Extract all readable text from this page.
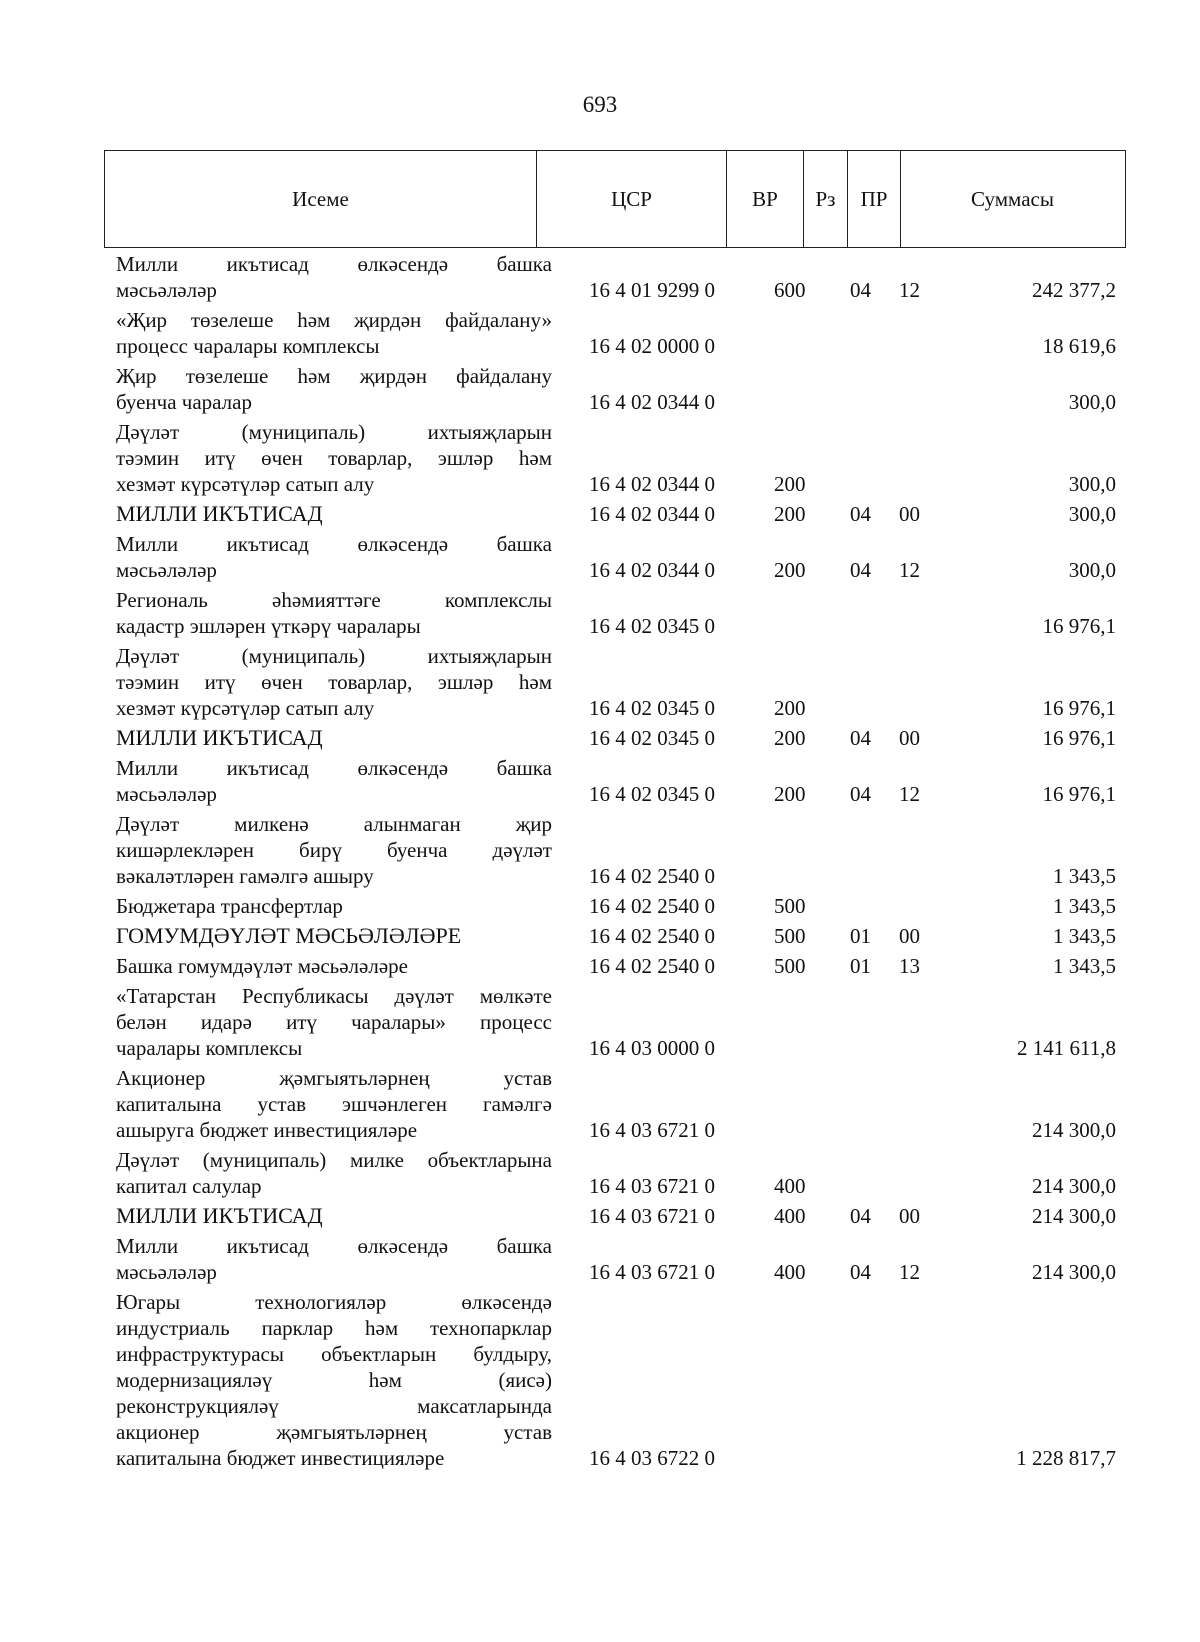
693
Исеме	ЦСР	ВР	Рз	ПР	Суммасы
Милли икътисад өлкәсендә башка
мәсьәләләр	16 4 01 9299 0	600	04	12	242 377,2
«Җир төзелеше һәм җирдән файдалану»
процесс чаралары комплексы	16 4 02 0000 0	18 619,6
Җир төзелеше һәм җирдән файдалану
буенча чаралар	16 4 02 0344 0	300,0
Дәүләт (муниципаль) ихтыяҗларын
тәэмин итү өчен товарлар, эшләр һәм
хезмәт күрсәтүләр сатып алу	16 4 02 0344 0	200	300,0
МИЛЛИ ИКЪТИСАД	16 4 02 0344 0	200	04	00	300,0
Милли икътисад өлкәсендә башка
мәсьәләләр	16 4 02 0344 0	200	04	12	300,0
Региональ әһәмияттәге комплекслы
кадастр эшләрен үткәрү чаралары	16 4 02 0345 0	16 976,1
Дәүләт (муниципаль) ихтыяҗларын
тәэмин итү өчен товарлар, эшләр һәм
хезмәт күрсәтүләр сатып алу	16 4 02 0345 0	200	16 976,1
МИЛЛИ ИКЪТИСАД	16 4 02 0345 0	200	04	00	16 976,1
Милли икътисад өлкәсендә башка
мәсьәләләр	16 4 02 0345 0	200	04	12	16 976,1
Дәүләт милкенә алынмаган җир
кишәрлекләрен бирү буенча дәүләт
вәкаләтләрен гамәлгә ашыру	16 4 02 2540 0	1 343,5
Бюджетара трансфертлар	16 4 02 2540 0	500	1 343,5
ГОМУМДӘҮЛӘТ МӘСЬӘЛӘЛӘРЕ	16 4 02 2540 0	500	01	00	1 343,5
Башка гомумдәүләт мәсьәләләре	16 4 02 2540 0	500	01	13	1 343,5
«Татарстан Республикасы дәүләт мөлкәте
белән идарә итү чаралары» процесс
чаралары комплексы	16 4 03 0000 0	2 141 611,8
Акционер җәмгыятьләрнең устав
капиталына устав эшчәнлеген гамәлгә
ашыруга бюджет инвестицияләре	16 4 03 6721 0	214 300,0
Дәүләт (муниципаль) милке объектларына
капитал салулар	16 4 03 6721 0	400	214 300,0
МИЛЛИ ИКЪТИСАД	16 4 03 6721 0	400	04	00	214 300,0
Милли икътисад өлкәсендә башка
мәсьәләләр	16 4 03 6721 0	400	04	12	214 300,0
Югары технологияләр өлкәсендә
индустриаль парклар һәм технопарклар
инфраструктурасы объектларын булдыру,
модернизацияләү һәм (яисә)
реконструкцияләү максатларында
акционер җәмгыятьләрнең устав
капиталына бюджет инвестицияләре	16 4 03 6722 0	1 228 817,7
